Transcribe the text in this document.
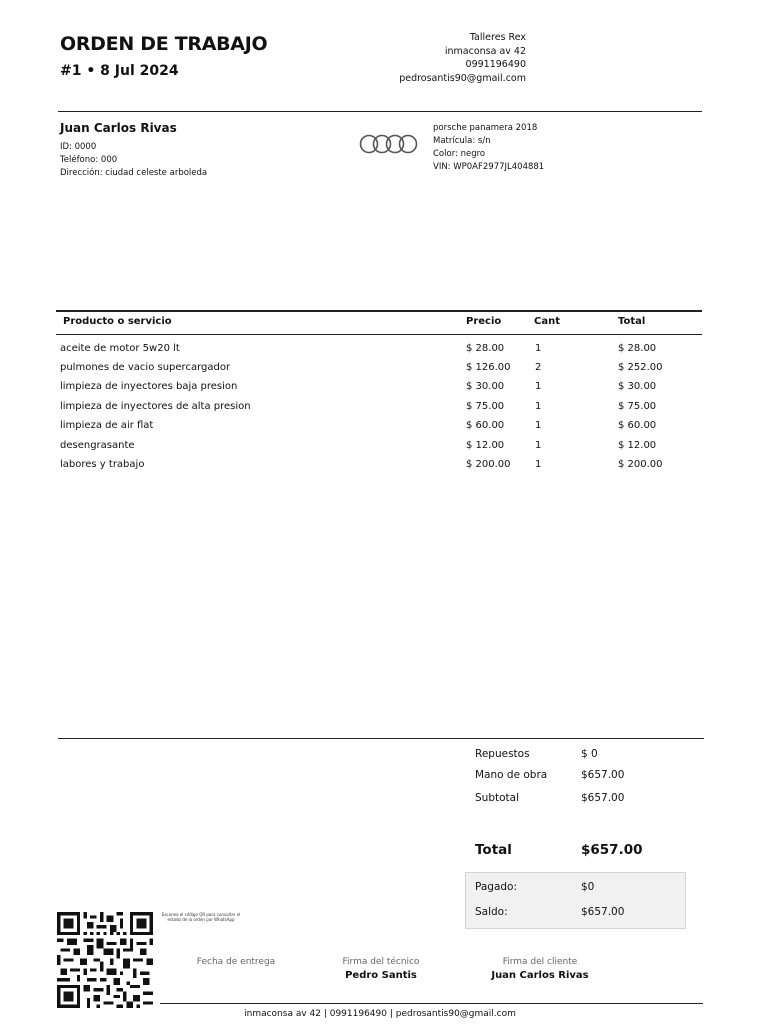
ORDEN DE TRABAJO
#1 • 8 Jul 2024
Talleres Rex
inmaconsa av 42
0991196490
pedrosantis90@gmail.com
Juan Carlos Rivas
ID: 0000
Teléfono: 000
Dirección: ciudad celeste arboleda
porsche panamera 2018
Matrícula: s/n
Color: negro
VIN: WP0AF2977JL404881
Producto o servicio	Precio	Cant	Total
aceite de motor 5w20 lt	$ 28.00	1	$ 28.00
pulmones de vacio supercargador	$ 126.00 2	$ 252.00
limpieza de inyectores baja presion	$ 30.00	1	$ 30.00
limpieza de inyectores de alta presion	$ 75.00	1	$ 75.00
limpieza de air flat	$ 60.00	1	$ 60.00
desengrasante	$ 12.00	1	$ 12.00
labores y trabajo	$ 200.00 1	$ 200.00
Repuestos	$ 0
Mano de obra	$657.00
Subtotal	$657.00
Total	$657.00
Pagado:	$0
Saldo:	$657.00
Escanea el código QR para consultar el estado de la orden por WhatsApp
Fecha de entrega	Firma del técnico
Pedro Santis
Firma del cliente
Juan Carlos Rivas
inmaconsa av 42 | 0991196490 | pedrosantis90@gmail.com
